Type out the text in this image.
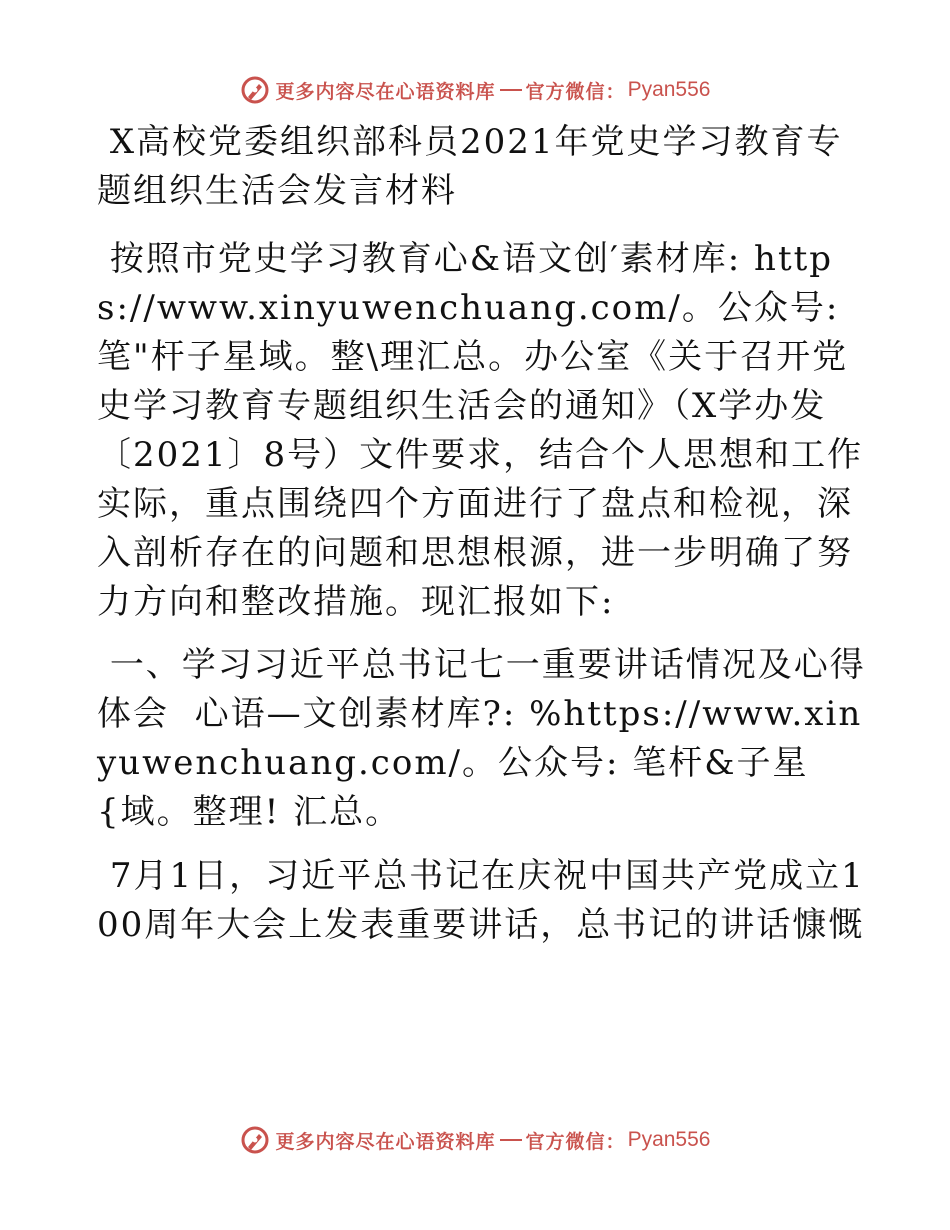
更多内容尽在心语资料库 官方微信： Pyan556

X高校党委组织部科员2021年党史学习教育专题组织生活会发言材料

按照市党史学习教育心&语文创′素材库: https://www.xinyuwenchuang.com/。公众号: 笔"杆子星域。整\理汇总。办公室《关于召开党史学习教育专题组织生活会的通知》（X学办发〔2021〕8号）文件要求，结合个人思想和工作实际，重点围绕四个方面进行了盘点和检视，深入剖析存在的问题和思想根源，进一步明确了努力方向和整改措施。现汇报如下:

一、学习习近平总书记七一重要讲话情况及心得体会  心语—文创素材库?: %https://www.xinyuwenchuang.com/。公众号: 笔杆&子星{域。整理! 汇总。

7月1日，习近平总书记在庆祝中国共产党成立100周年大会上发表重要讲话，总书记的讲话慷慨

更多内容尽在心语资料库 官方微信： Pyan556
